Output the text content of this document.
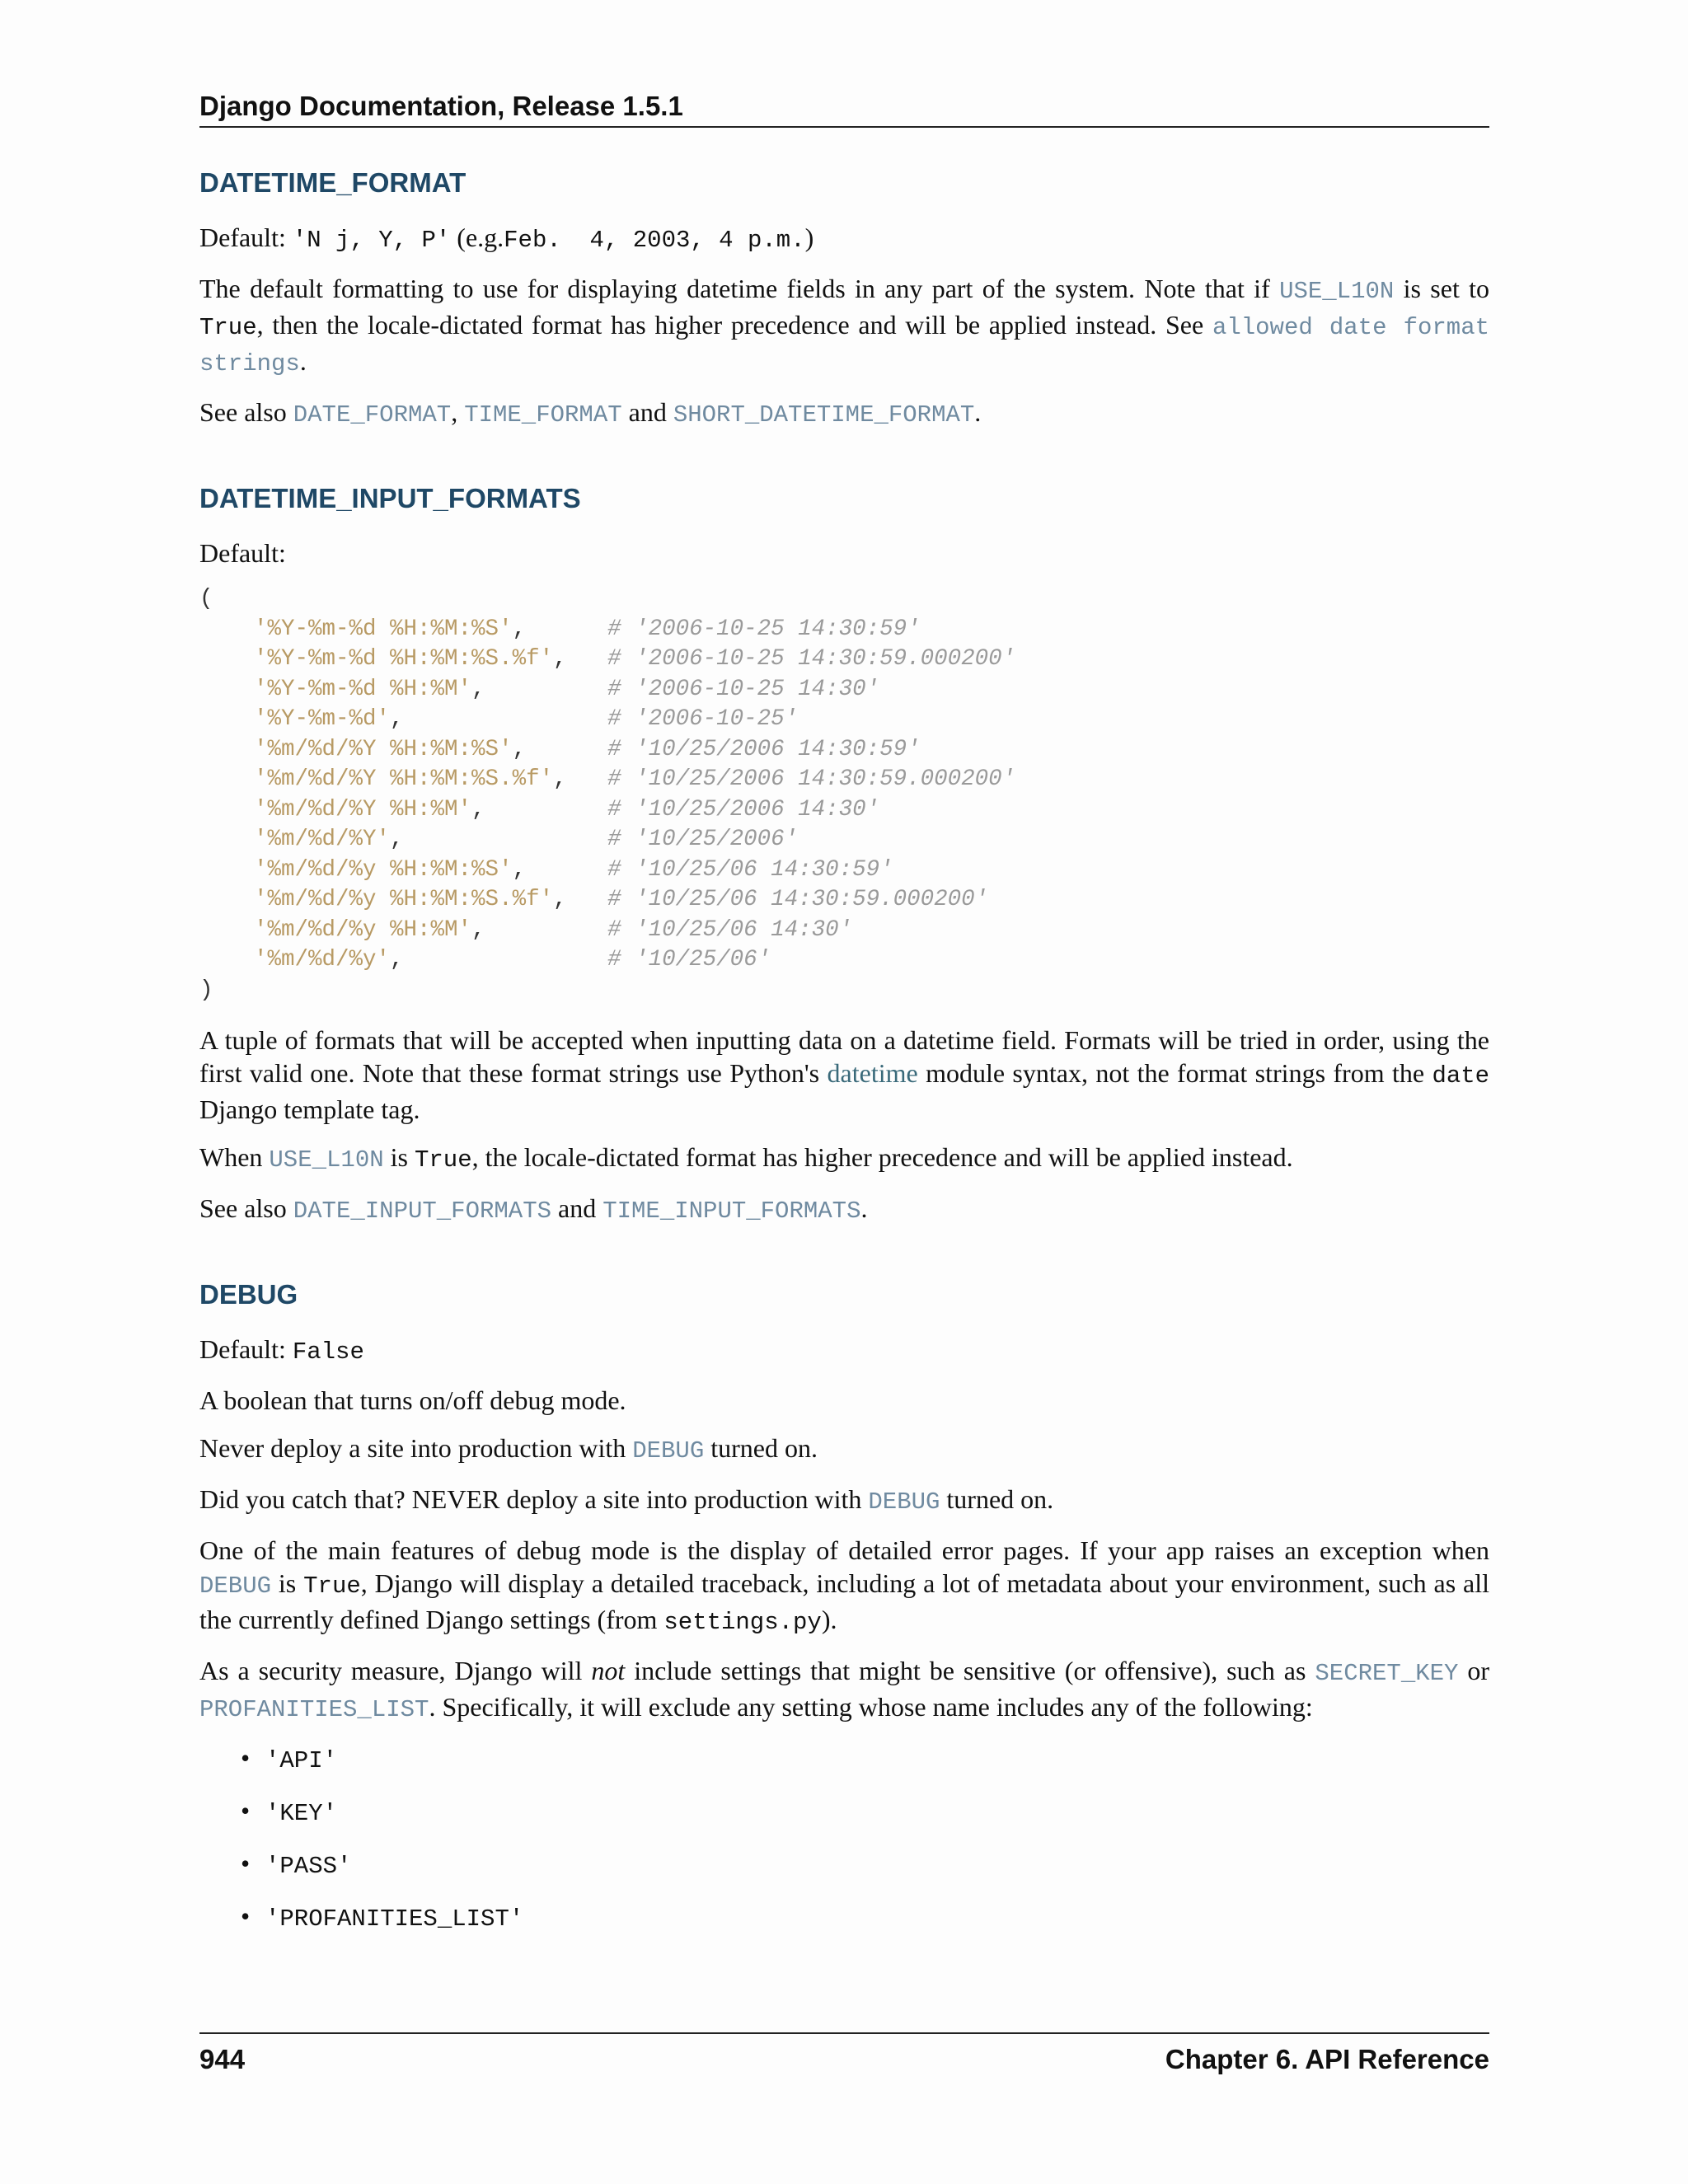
Django Documentation, Release 1.5.1
DATETIME_FORMAT

Default: 'N j, Y, P' (e.g.Feb.  4, 2003, 4 p.m.)

The default formatting to use for displaying datetime fields in any part of the system. Note that if USE_L10N is set to True, then the locale-dictated format has higher precedence and will be applied instead. See allowed date format strings.

See also DATE_FORMAT, TIME_FORMAT and SHORT_DATETIME_FORMAT.

DATETIME_INPUT_FORMATS

Default:

(
'%Y-%m-%d %H:%M:%S',      # '2006-10-25 14:30:59'
'%Y-%m-%d %H:%M:%S.%f',   # '2006-10-25 14:30:59.000200'
'%Y-%m-%d %H:%M',         # '2006-10-25 14:30'
'%Y-%m-%d',               # '2006-10-25'
'%m/%d/%Y %H:%M:%S',      # '10/25/2006 14:30:59'
'%m/%d/%Y %H:%M:%S.%f',   # '10/25/2006 14:30:59.000200'
'%m/%d/%Y %H:%M',         # '10/25/2006 14:30'
'%m/%d/%Y',               # '10/25/2006'
'%m/%d/%y %H:%M:%S',      # '10/25/06 14:30:59'
'%m/%d/%y %H:%M:%S.%f',   # '10/25/06 14:30:59.000200'
'%m/%d/%y %H:%M',         # '10/25/06 14:30'
'%m/%d/%y',               # '10/25/06'
)

A tuple of formats that will be accepted when inputting data on a datetime field. Formats will be tried in order, using the first valid one. Note that these format strings use Python's datetime module syntax, not the format strings from the date Django template tag.

When USE_L10N is True, the locale-dictated format has higher precedence and will be applied instead.

See also DATE_INPUT_FORMATS and TIME_INPUT_FORMATS.

DEBUG

Default: False

A boolean that turns on/off debug mode.

Never deploy a site into production with DEBUG turned on.

Did you catch that? NEVER deploy a site into production with DEBUG turned on.

One of the main features of debug mode is the display of detailed error pages. If your app raises an exception when DEBUG is True, Django will display a detailed traceback, including a lot of metadata about your environment, such as all the currently defined Django settings (from settings.py).

As a security measure, Django will not include settings that might be sensitive (or offensive), such as SECRET_KEY or PROFANITIES_LIST. Specifically, it will exclude any setting whose name includes any of the following:

• 'API'
• 'KEY'
• 'PASS'
• 'PROFANITIES_LIST'
944	Chapter 6. API Reference
